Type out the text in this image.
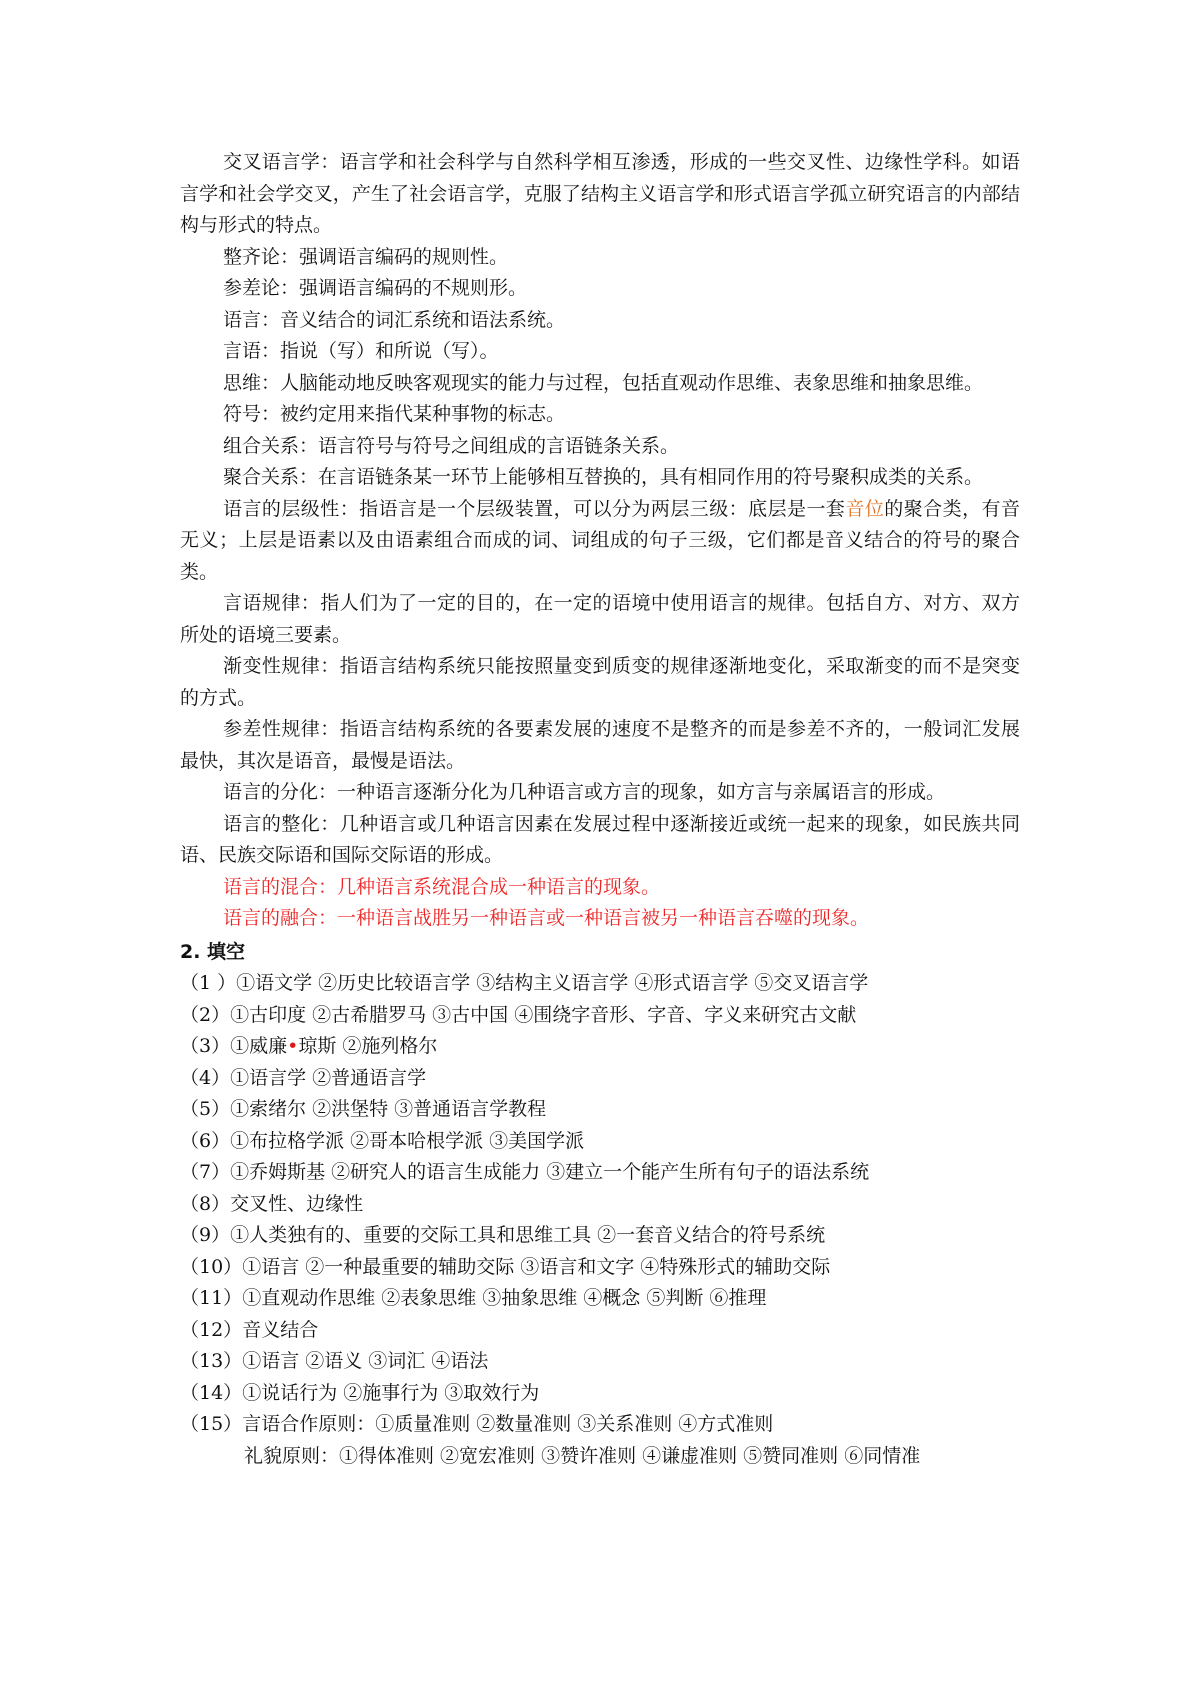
交叉语言学：语言学和社会科学与自然科学相互渗透，形成的一些交叉性、边缘性学科。如语言学和社会学交叉，产生了社会语言学，克服了结构主义语言学和形式语言学孤立研究语言的内部结构与形式的特点。

整齐论：强调语言编码的规则性。

参差论：强调语言编码的不规则形。

语言：音义结合的词汇系统和语法系统。

言语：指说（写）和所说（写）。

思维：人脑能动地反映客观现实的能力与过程，包括直观动作思维、表象思维和抽象思维。

符号：被约定用来指代某种事物的标志。

组合关系：语言符号与符号之间组成的言语链条关系。

聚合关系：在言语链条某一环节上能够相互替换的，具有相同作用的符号聚积成类的关系。

语言的层级性：指语言是一个层级装置，可以分为两层三级：底层是一套音位的聚合类，有音无义；上层是语素以及由语素组合而成的词、词组成的句子三级，它们都是音义结合的符号的聚合类。

言语规律：指人们为了一定的目的，在一定的语境中使用语言的规律。包括自方、对方、双方所处的语境三要素。

渐变性规律：指语言结构系统只能按照量变到质变的规律逐渐地变化，采取渐变的而不是突变的方式。

参差性规律：指语言结构系统的各要素发展的速度不是整齐的而是参差不齐的，一般词汇发展最快，其次是语音，最慢是语法。

语言的分化：一种语言逐渐分化为几种语言或方言的现象，如方言与亲属语言的形成。

语言的整化：几种语言或几种语言因素在发展过程中逐渐接近或统一起来的现象，如民族共同语、民族交际语和国际交际语的形成。

语言的混合：几种语言系统混合成一种语言的现象。

语言的融合：一种语言战胜另一种语言或一种语言被另一种语言吞噬的现象。

2. 填空

（1 ）①语文学 ②历史比较语言学 ③结构主义语言学 ④形式语言学 ⑤交叉语言学

（2）①古印度 ②古希腊罗马 ③古中国 ④围绕字音形、字音、字义来研究古文献

（3）①威廉•琼斯 ②施列格尔

（4）①语言学 ②普通语言学

（5）①索绪尔 ②洪堡特 ③普通语言学教程

（6）①布拉格学派 ②哥本哈根学派 ③美国学派

（7）①乔姆斯基 ②研究人的语言生成能力 ③建立一个能产生所有句子的语法系统

（8）交叉性、边缘性

（9）①人类独有的、重要的交际工具和思维工具 ②一套音义结合的符号系统

（10）①语言 ②一种最重要的辅助交际 ③语言和文字 ④特殊形式的辅助交际

（11）①直观动作思维 ②表象思维 ③抽象思维 ④概念 ⑤判断 ⑥推理

（12）音义结合

（13）①语言 ②语义 ③词汇 ④语法

（14）①说话行为 ②施事行为 ③取效行为

（15）言语合作原则：①质量准则 ②数量准则 ③关系准则 ④方式准则

礼貌原则：①得体准则 ②宽宏准则 ③赞许准则 ④谦虚准则 ⑤赞同准则 ⑥同情准
